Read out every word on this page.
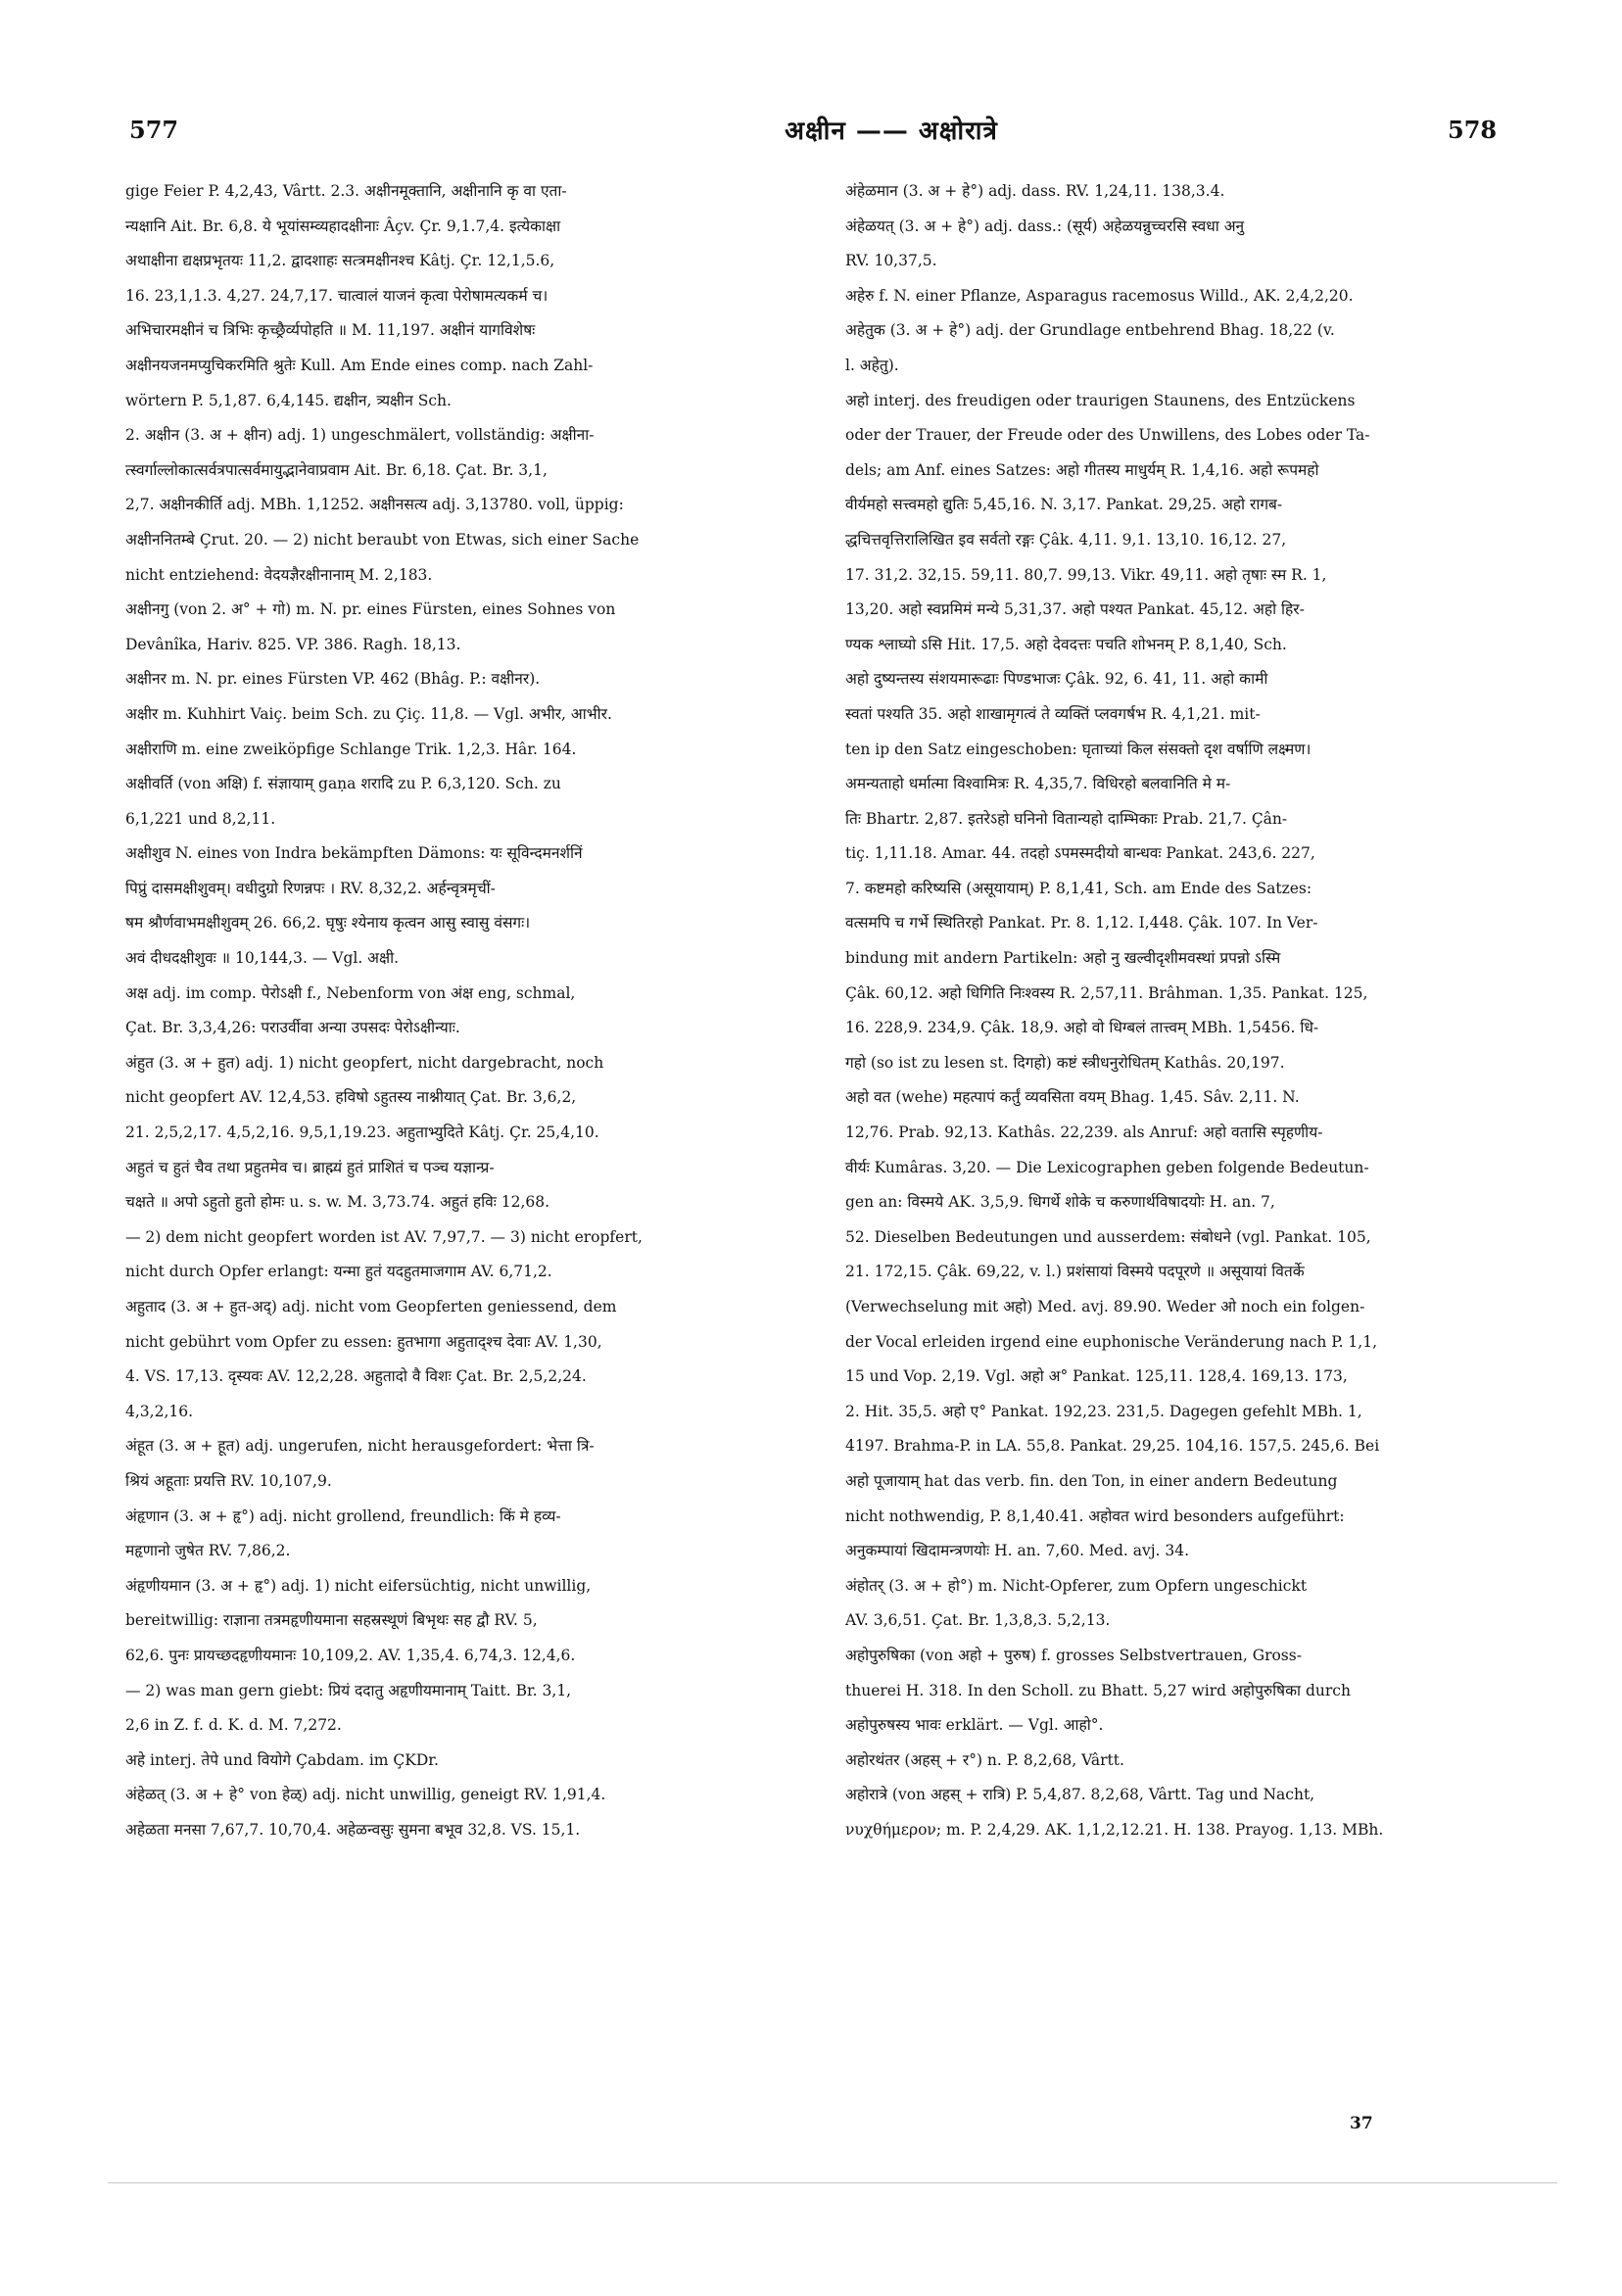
577	अक्षीन —— अक्षोरात्रे	578
gige Feier P. 4,2,43, Vârtt. 2.3. अक्षीनमूक्तानि, अक्षीनानि कृ वा एता-
न्यक्षानि Ait. Br. 6,8. ये भूयांसम्व्यहादक्षीनाः Âçv. Çr. 9,1.7,4. इत्येकाक्षा
अथाक्षीना द्यक्षप्रभृतयः 11,2. द्वादशाहः सत्त्रमक्षीनश्च Kâtj. Çr. 12,1,5.6,
16. 23,1,1.3. 4,27. 24,7,17. चात्वालं याजनं कृत्वा पेरोषामत्यकर्म च।
अभिचारमक्षीनं च त्रिभिः कृच्छ्रैर्व्यपोहति ॥ M. 11,197. अक्षीनं यागविशेषः
अक्षीनयजनमप्युचिकरमिति श्रुतेः Kull. Am Ende eines comp. nach Zahl-
wörtern P. 5,1,87. 6,4,145. द्यक्षीन, त्र्यक्षीन Sch.
2. अक्षीन (3. अ + क्षीन) adj. 1) ungeschmälert, vollständig: अक्षीना-
त्स्वर्गाल्लोकात्सर्वत्रपात्सर्वमायुद्भानेवाप्रवाम Ait. Br. 6,18. Çat. Br. 3,1,
2,7. अक्षीनकीर्ति adj. MBh. 1,1252. अक्षीनसत्य adj. 3,13780. voll, üppig:
अक्षीननितम्बे Çrut. 20. — 2) nicht beraubt von Etwas, sich einer Sache
nicht entziehend: वेदयज्ञैरक्षीनानाम् M. 2,183.
अक्षीनगु (von 2. अ° + गो) m. N. pr. eines Fürsten, eines Sohnes von
Devânîka, Hariv. 825. VP. 386. Ragh. 18,13.
अक्षीनर m. N. pr. eines Fürsten VP. 462 (Bhâg. P.: वक्षीनर).
अक्षीर m. Kuhhirt Vaiç. beim Sch. zu Çiç. 11,8. — Vgl. अभीर, आभीर.
अक्षीराणि m. eine zweiköpfige Schlange Trik. 1,2,3. Hâr. 164.
अक्षीवर्ति (von अक्षि) f. संज्ञायाम् gaṇa शरादि zu P. 6,3,120. Sch. zu
6,1,221 und 8,2,11.
अक्षीशुव N. eines von Indra bekämpften Dämons: यः सूविन्दमनर्शनिं
पिप्रुं दासमक्षीशुवम्। वधीदुग्रो रिणन्नपः । RV. 8,32,2. अर्हन्वृत्रमृचीं-
षम श्रौर्णवाभमक्षीशुवम् 26. 66,2. घृषुः श्येनाय कृत्वन आसु स्वासु वंसगः।
अवं दीधदक्षीशुवः ॥ 10,144,3. — Vgl. अक्षी.
अक्ष adj. im comp. पेरोऽक्षी f., Nebenform von अंक्ष eng, schmal,
Çat. Br. 3,3,4,26: पराउर्वीवा अन्या उपसदः पेरोऽक्षीन्याः.
अंहुत (3. अ + हुत) adj. 1) nicht geopfert, nicht dargebracht, noch
nicht geopfert AV. 12,4,53. हविषो ऽहुतस्य नाश्नीयात् Çat. Br. 3,6,2,
21. 2,5,2,17. 4,5,2,16. 9,5,1,19.23. अहुताभ्युदिते Kâtj. Çr. 25,4,10.
अहुतं च हुतं चैव तथा प्रहुतमेव च। ब्राह्म्यं हुतं प्राशितं च पञ्च यज्ञान्प्र-
चक्षते ॥ अपो ऽहुतो हुतो होमः u. s. w. M. 3,73.74. अहुतं हविः 12,68.
— 2) dem nicht geopfert worden ist AV. 7,97,7. — 3) nicht eropfert,
nicht durch Opfer erlangt: यन्मा हुतं यदहुतमाजगाम AV. 6,71,2.
अहुताद (3. अ + हुत-अद्) adj. nicht vom Geopferten geniessend, dem
nicht gebührt vom Opfer zu essen: हुतभागा अहुताद्श्च देवाः AV. 1,30,
4. VS. 17,13. दृस्यवः AV. 12,2,28. अहुतादो वै विशः Çat. Br. 2,5,2,24.
4,3,2,16.
अंहूत (3. अ + हूत) adj. ungerufen, nicht herausgefordert: भेत्ता त्रि-
श्रियं अहूताः प्रयत्ति RV. 10,107,9.
अंहृणान (3. अ + हृ°) adj. nicht grollend, freundlich: किं मे हव्य-
महृणानो जुषेत RV. 7,86,2.
अंहृणीयमान (3. अ + हृ°) adj. 1) nicht eifersüchtig, nicht unwillig,
bereitwillig: राज्ञाना तत्रमहृणीयमाना सहस्रस्थूणं बिभृथः सह द्वौ RV. 5,
62,6. पुनः प्रायच्छदहृणीयमानः 10,109,2. AV. 1,35,4. 6,74,3. 12,4,6.
— 2) was man gern giebt: प्रियं ददातु अहृणीयमानाम् Taitt. Br. 3,1,
2,6 in Z. f. d. K. d. M. 7,272.
अहे interj. तेपे und वियोगे Çabdam. im ÇKDr.
अंहेळत् (3. अ + हे° von हेळ्) adj. nicht unwillig, geneigt RV. 1,91,4.
अहेळता मनसा 7,67,7. 10,70,4. अहेळन्वसुः सुमना बभूव 32,8. VS. 15,1.
अंहेळमान (3. अ + हे°) adj. dass. RV. 1,24,11. 138,3.4.
अंहेळयत् (3. अ + हे°) adj. dass.: (सूर्य) अहेळयन्नुच्चरसि स्वधा अनु
RV. 10,37,5.
अहेरु f. N. einer Pflanze, Asparagus racemosus Willd., AK. 2,4,2,20.
अहेतुक (3. अ + हे°) adj. der Grundlage entbehrend Bhag. 18,22 (v.
l. अहेतु).
अहो interj. des freudigen oder traurigen Staunens, des Entzückens
oder der Trauer, der Freude oder des Unwillens, des Lobes oder Ta-
dels; am Anf. eines Satzes: अहो गीतस्य माधुर्यम् R. 1,4,16. अहो रूपमहो
वीर्यमहो सत्त्वमहो द्युतिः 5,45,16. N. 3,17. Pankat. 29,25. अहो रागब-
द्धचित्तवृत्तिरालिखित इव सर्वतो रङ्गः Çâk. 4,11. 9,1. 13,10. 16,12. 27,
17. 31,2. 32,15. 59,11. 80,7. 99,13. Vikr. 49,11. अहो तृषाः स्म R. 1,
13,20. अहो स्वप्नमिमं मन्ये 5,31,37. अहो पश्यत Pankat. 45,12. अहो हिर-
ण्यक श्लाघ्यो ऽसि Hit. 17,5. अहो देवदत्तः पचति शोभनम् P. 8,1,40, Sch.
अहो दुष्यन्तस्य संशयमारूढाः पिण्डभाजः Çâk. 92, 6. 41, 11. अहो कामी
स्वतां पश्यति 35. अहो शाखामृगत्वं ते व्यक्तिं प्लवगर्षभ R. 4,1,21. mit-
ten ip den Satz eingeschoben: घृताच्यां किल संसक्तो दृश वर्षाणि लक्ष्मण।
अमन्यताहो धर्मात्मा विश्वामित्रः R. 4,35,7. विधिरहो बलवानिति मे म-
तिः Bhartr. 2,87. इतरेऽहो घनिनो वितान्यहो दाम्भिकाः Prab. 21,7. Çân-
tiç. 1,11.18. Amar. 44. तदहो ऽपमस्मदीयो बान्धवः Pankat. 243,6. 227,
7. कष्टमहो करिष्यसि (असूयायाम्) P. 8,1,41, Sch. am Ende des Satzes:
वत्समपि च गर्भे स्थितिरहो Pankat. Pr. 8. 1,12. I,448. Çâk. 107. In Ver-
bindung mit andern Partikeln: अहो नु खल्वीदृशीमवस्थां प्रपन्नो ऽस्मि
Çâk. 60,12. अहो धिगिति निःश्वस्य R. 2,57,11. Brâhman. 1,35. Pankat. 125,
16. 228,9. 234,9. Çâk. 18,9. अहो वो धिग्बलं तात्त्वम् MBh. 1,5456. धि-
गहो (so ist zu lesen st. दिगहो) कष्टं स्त्रीधनुरोधितम् Kathâs. 20,197.
अहो वत (wehe) महत्पापं कर्तुं व्यवसिता वयम् Bhag. 1,45. Sâv. 2,11. N.
12,76. Prab. 92,13. Kathâs. 22,239. als Anruf: अहो वतासि स्पृहणीय-
वीर्यः Kumâras. 3,20. — Die Lexicographen geben folgende Bedeutun-
gen an: विस्मये AK. 3,5,9. धिगर्थे शोके च करुणार्थविषादयोः H. an. 7,
52. Dieselben Bedeutungen und ausserdem: संबोधने (vgl. Pankat. 105,
21. 172,15. Çâk. 69,22, v. l.) प्रशंसायां विस्मये पदपूरणे ॥ असूयायां वितर्के
(Verwechselung mit अहो) Med. avj. 89.90. Weder ओ noch ein folgen-
der Vocal erleiden irgend eine euphonische Veränderung nach P. 1,1,
15 und Vop. 2,19. Vgl. अहो अ° Pankat. 125,11. 128,4. 169,13. 173,
2. Hit. 35,5. अहो ए° Pankat. 192,23. 231,5. Dagegen gefehlt MBh. 1,
4197. Brahma-P. in LA. 55,8. Pankat. 29,25. 104,16. 157,5. 245,6. Bei
अहो पूजायाम् hat das verb. fin. den Ton, in einer andern Bedeutung
nicht nothwendig, P. 8,1,40.41. अहोवत wird besonders aufgeführt:
अनुकम्पायां खिदामन्त्रणयोः H. an. 7,60. Med. avj. 34.
अंहोतर् (3. अ + हो°) m. Nicht-Opferer, zum Opfern ungeschickt
AV. 3,6,51. Çat. Br. 1,3,8,3. 5,2,13.
अहोपुरुषिका (von अहो + पुरुष) f. grosses Selbstvertrauen, Gross-
thuerei H. 318. In den Scholl. zu Bhatt. 5,27 wird अहोपुरुषिका durch
अहोपुरुषस्य भावः erklärt. — Vgl. आहो°.
अहोरथंतर (अहस् + र°) n. P. 8,2,68, Vârtt.
अहोरात्रे (von अहस् + रात्रि) P. 5,4,87. 8,2,68, Vârtt. Tag und Nacht,
νυχθήμερον; m. P. 2,4,29. AK. 1,1,2,12.21. H. 138. Prayog. 1,13. MBh.
37
